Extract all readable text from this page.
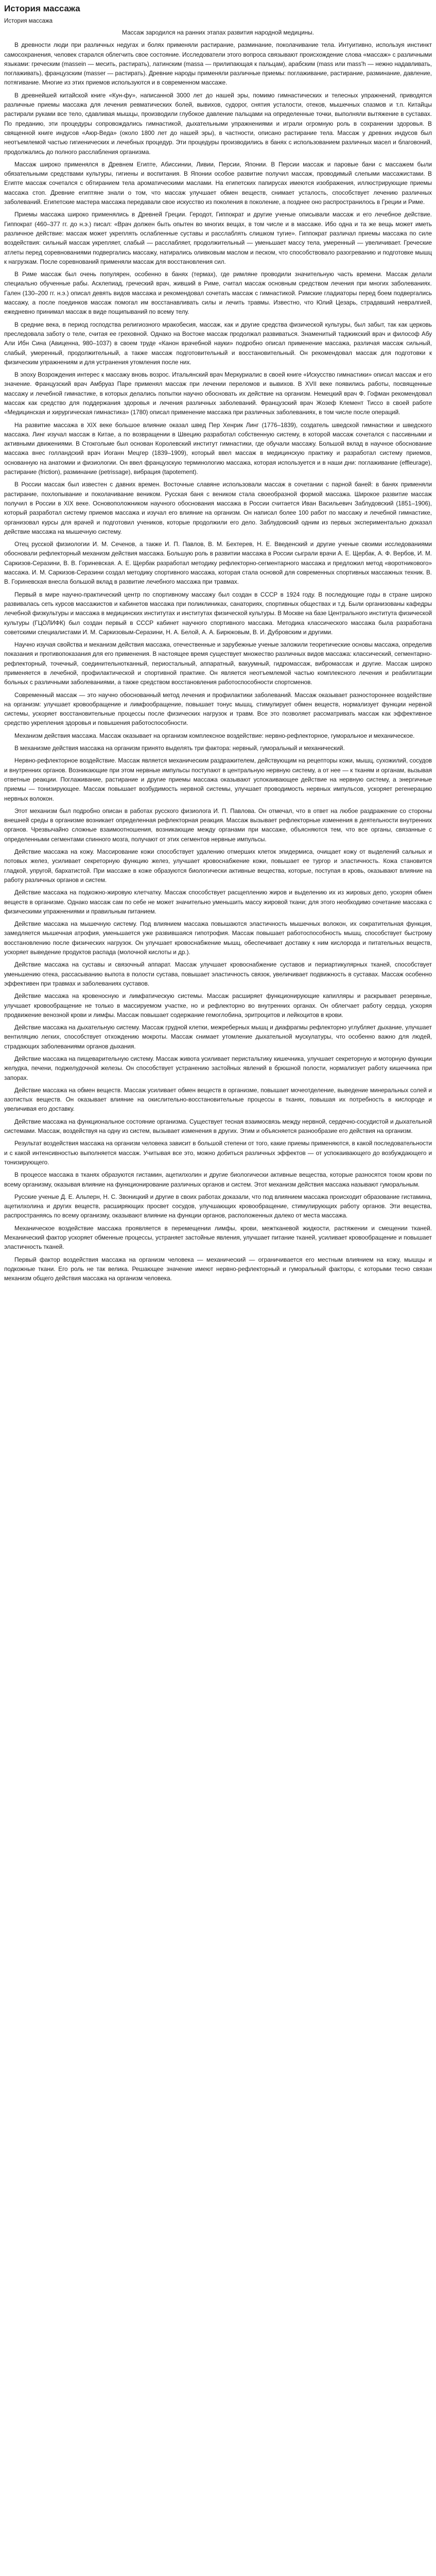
История массажа
История массажа

Массаж зародился на ранних этапах развития народной медицины.

В древности люди при различных недугах и болях применяли растирание, разминание, поколачивание тела. Интуитивно, используя инстинкт самосохранения, человек старался облегчить свое состояние. Исследователи этого вопроса связывают происхождение слова «массаж» с различными языками: греческим (massein — месить, растирать), латинским (massa — прилипающая к пальцам), арабским (mass или mass'h — нежно надавливать, поглаживать), французским (masser — растирать). Древние народы применяли различные приемы: поглаживание, растирание, разминание, давление, потягивание. Многие из этих приемов используются и в современном массаже.

В древнейшей китайской книге «Кун-фу», написанной 3000 лет до нашей эры, помимо гимнастических и телесных упражнений, приводятся различные приемы массажа для лечения ревматических болей, вывихов, судорог, снятия усталости, отеков, мышечных спазмов и т.п. Китайцы растирали руками все тело, сдавливая мышцы, производили глубокое давление пальцами на определенные точки, выполняли вытяжение в суставах. По преданию, эти процедуры сопровождались гимнастикой, дыхательными упражнениями и играли огромную роль в сохранении здоровья. В священной книге индусов «Аюр-Веда» (около 1800 лет до нашей эры), в частности, описано растирание тела. Массаж у древних индусов был неотъемлемой частью гигиенических и лечебных процедур. Эти процедуры производились в банях с использованием различных масел и благовоний, продолжались до полного расслабления организма.

Массаж широко применялся в Древнем Египте, Абиссинии, Ливии, Персии, Японии. В Персии массаж и паровые бани с массажем были обязательными средствами культуры, гигиены и воспитания. В Японии особое развитие получил массаж, проводимый слепыми массажистами. В Египте массаж сочетался с обтиранием тела ароматическими маслами. На египетских папирусах имеются изображения, иллюстрирующие приемы массажа стоп. Древние египтяне знали о том, что массаж улучшает обмен веществ, снимает усталость, способствует лечению различных заболеваний. Египетские мастера массажа передавали свое искусство из поколения в поколение, а позднее оно распространилось в Греции и Риме.

Приемы массажа широко применялись в Древней Греции. Геродот, Гиппократ и другие ученые описывали массаж и его лечебное действие. Гиппократ (460–377 гг. до н.э.) писал: «Врач должен быть опытен во многих вещах, в том числе и в массаже. Ибо одна и та же вещь может иметь различное действие: массаж может укреплять ослабленные суставы и расслаблять слишком тугие». Гиппократ различал приемы массажа по силе воздействия: сильный массаж укрепляет, слабый — расслабляет, продолжительный — уменьшает массу тела, умеренный — увеличивает. Греческие атлеты перед соревнованиями подвергались массажу, натирались оливковым маслом и песком, что способствовало разогреванию и подготовке мышц к нагрузкам. После соревнований применяли массаж для восстановления сил.

В Риме массаж был очень популярен, особенно в банях (термах), где римляне проводили значительную часть времени. Массаж делали специально обученные рабы. Асклепиад, греческий врач, живший в Риме, считал массаж основным средством лечения при многих заболеваниях. Гален (130–200 гг. н.э.) описал девять видов массажа и рекомендовал сочетать массаж с гимнастикой. Римские гладиаторы перед боем подвергались массажу, а после поединков массаж помогал им восстанавливать силы и лечить травмы. Известно, что Юлий Цезарь, страдавший невралгией, ежедневно принимал массаж в виде пощипываний по всему телу.

В средние века, в период господства религиозного мракобесия, массаж, как и другие средства физической культуры, был забыт, так как церковь преследовала заботу о теле, считая ее греховной. Однако на Востоке массаж продолжал развиваться. Знаменитый таджикский врач и философ Абу Али Ибн Сина (Авиценна, 980–1037) в своем труде «Канон врачебной науки» подробно описал применение массажа, различая массаж сильный, слабый, умеренный, продолжительный, а также массаж подготовительный и восстановительный. Он рекомендовал массаж для подготовки к физическим упражнениям и для устранения утомления после них.

В эпоху Возрождения интерес к массажу вновь возрос. Итальянский врач Меркуриалис в своей книге «Искусство гимнастики» описал массаж и его значение. Французский врач Амбруаз Паре применял массаж при лечении переломов и вывихов. В XVII веке появились работы, посвященные массажу и лечебной гимнастике, в которых делались попытки научно обосновать их действие на организм. Немецкий врач Ф. Гофман рекомендовал массаж как средство для поддержания здоровья и лечения различных заболеваний. Французский врач Жозеф Клемент Тиссо в своей работе «Медицинская и хирургическая гимнастика» (1780) описал применение массажа при различных заболеваниях, в том числе после операций.

На развитие массажа в XIX веке большое влияние оказал швед Пер Хенрик Линг (1776–1839), создатель шведской гимнастики и шведского массажа. Линг изучал массаж в Китае, а по возвращении в Швецию разработал собственную систему, в которой массаж сочетался с пассивными и активными движениями. В Стокгольме был основан Королевский институт гимнастики, где обучали массажу. Большой вклад в научное обоснование массажа внес голландский врач Иоганн Мецгер (1839–1909), который ввел массаж в медицинскую практику и разработал систему приемов, основанную на анатомии и физиологии. Он ввел французскую терминологию массажа, которая используется и в наши дни: поглаживание (effleurage), растирание (friction), разминание (petrissage), вибрация (tapotement).

В России массаж был известен с давних времен. Восточные славяне использовали массаж в сочетании с парной баней: в банях применяли растирание, похлопывание и поколачивание веником. Русская баня с веником стала своеобразной формой массажа. Широкое развитие массаж получил в России в XIX веке. Основоположником научного обоснования массажа в России считается Иван Васильевич Заблудовский (1851–1906), который разработал систему приемов массажа и изучал его влияние на организм. Он написал более 100 работ по массажу и лечебной гимнастике, организовал курсы для врачей и подготовил учеников, которые продолжили его дело. Заблудовский одним из первых экспериментально доказал действие массажа на мышечную систему.

Отец русской физиологии И. М. Сеченов, а также И. П. Павлов, В. М. Бехтерев, Н. Е. Введенский и другие ученые своими исследованиями обосновали рефлекторный механизм действия массажа. Большую роль в развитии массажа в России сыграли врачи А. Е. Щербак, А. Ф. Вербов, И. М. Саркизов-Серазини, В. В. Гориневская. А. Е. Щербак разработал методику рефлекторно-сегментарного массажа и предложил метод «воротникового» массажа. И. М. Саркизов-Серазини создал методику спортивного массажа, которая стала основой для современных спортивных массажных техник. В. В. Гориневская внесла большой вклад в развитие лечебного массажа при травмах.

Первый в мире научно-практический центр по спортивному массажу был создан в СССР в 1924 году. В последующие годы в стране широко развивалась сеть курсов массажистов и кабинетов массажа при поликлиниках, санаториях, спортивных обществах и т.д. Были организованы кафедры лечебной физкультуры и массажа в медицинских институтах и институтах физической культуры. В Москве на базе Центрального института физической культуры (ГЦОЛИФК) был создан первый в СССР кабинет научного спортивного массажа. Методика классического массажа была разработана советскими специалистами И. М. Саркизовым-Серазини, Н. А. Белой, А. А. Бирюковым, В. И. Дубровским и другими.

Научно изучая свойства и механизм действия массажа, отечественные и зарубежные ученые заложили теоретические основы массажа, определив показания и противопоказания для его применения. В настоящее время существует множество различных видов массажа: классический, сегментарно-рефлекторный, точечный, соединительнотканный, периостальный, аппаратный, вакуумный, гидромассаж, вибромассаж и другие. Массаж широко применяется в лечебной, профилактической и спортивной практике. Он является неотъемлемой частью комплексного лечения и реабилитации больных с различными заболеваниями, а также средством восстановления работоспособности спортсменов.

Современный массаж — это научно обоснованный метод лечения и профилактики заболеваний. Массаж оказывает разностороннее воздействие на организм: улучшает кровообращение и лимфообращение, повышает тонус мышц, стимулирует обмен веществ, нормализует функции нервной системы, ускоряет восстановительные процессы после физических нагрузок и травм. Все это позволяет рассматривать массаж как эффективное средство укрепления здоровья и повышения работоспособности.

Механизм действия массажа. Массаж оказывает на организм комплексное воздействие: нервно-рефлекторное, гуморальное и механическое.

В механизме действия массажа на организм принято выделять три фактора: нервный, гуморальный и механический.

Нервно-рефлекторное воздействие. Массаж является механическим раздражителем, действующим на рецепторы кожи, мышц, сухожилий, сосудов и внутренних органов. Возникающие при этом нервные импульсы поступают в центральную нервную систему, а от нее — к тканям и органам, вызывая ответные реакции. Поглаживание, растирание и другие приемы массажа оказывают успокаивающее действие на нервную систему, а энергичные приемы — тонизирующее. Массаж повышает возбудимость нервной системы, улучшает проводимость нервных импульсов, ускоряет регенерацию нервных волокон.

Этот механизм был подробно описан в работах русского физиолога И. П. Павлова. Он отмечал, что в ответ на любое раздражение со стороны внешней среды в организме возникает определенная рефлекторная реакция. Массаж вызывает рефлекторные изменения в деятельности внутренних органов. Чрезвычайно сложные взаимоотношения, возникающие между органами при массаже, объясняются тем, что все органы, связанные с определенными сегментами спинного мозга, получают от этих сегментов нервные импульсы.

Действие массажа на кожу. Массирование кожи способствует удалению отмерших клеток эпидермиса, очищает кожу от выделений сальных и потовых желез, усиливает секреторную функцию желез, улучшает кровоснабжение кожи, повышает ее тургор и эластичность. Кожа становится гладкой, упругой, бархатистой. При массаже в коже образуются биологически активные вещества, которые, поступая в кровь, оказывают влияние на работу различных органов и систем.

Действие массажа на подкожно-жировую клетчатку. Массаж способствует расщеплению жиров и выделению их из жировых депо, ускоряя обмен веществ в организме. Однако массаж сам по себе не может значительно уменьшить массу жировой ткани; для этого необходимо сочетание массажа с физическими упражнениями и правильным питанием.

Действие массажа на мышечную систему. Под влиянием массажа повышаются эластичность мышечных волокон, их сократительная функция, замедляется мышечная атрофия, уменьшается уже развившаяся гипотрофия. Массаж повышает работоспособность мышц, способствует быстрому восстановлению после физических нагрузок. Он улучшает кровоснабжение мышц, обеспечивает доставку к ним кислорода и питательных веществ, ускоряет выведение продуктов распада (молочной кислоты и др.).

Действие массажа на суставы и связочный аппарат. Массаж улучшает кровоснабжение суставов и периартикулярных тканей, способствует уменьшению отека, рассасыванию выпота в полости сустава, повышает эластичность связок, увеличивает подвижность в суставах. Массаж особенно эффективен при травмах и заболеваниях суставов.

Действие массажа на кровеносную и лимфатическую системы. Массаж расширяет функционирующие капилляры и раскрывает резервные, улучшает кровообращение не только в массируемом участке, но и рефлекторно во внутренних органах. Он облегчает работу сердца, ускоряя продвижение венозной крови и лимфы. Массаж повышает содержание гемоглобина, эритроцитов и лейкоцитов в крови.

Действие массажа на дыхательную систему. Массаж грудной клетки, межреберных мышц и диафрагмы рефлекторно углубляет дыхание, улучшает вентиляцию легких, способствует отхождению мокроты. Массаж снимает утомление дыхательной мускулатуры, что особенно важно для людей, страдающих заболеваниями органов дыхания.

Действие массажа на пищеварительную систему. Массаж живота усиливает перистальтику кишечника, улучшает секреторную и моторную функции желудка, печени, поджелудочной железы. Он способствует устранению застойных явлений в брюшной полости, нормализует работу кишечника при запорах.

Действие массажа на обмен веществ. Массаж усиливает обмен веществ в организме, повышает мочеотделение, выведение минеральных солей и азотистых веществ. Он оказывает влияние на окислительно-восстановительные процессы в тканях, повышая их потребность в кислороде и увеличивая его доставку.

Действие массажа на функциональное состояние организма. Существует тесная взаимосвязь между нервной, сердечно-сосудистой и дыхательной системами. Массаж, воздействуя на одну из систем, вызывает изменения в других. Этим и объясняется разнообразие его действия на организм.

Результат воздействия массажа на организм человека зависит в большой степени от того, какие приемы применяются, в какой последовательности и с какой интенсивностью выполняется массаж. Учитывая все это, можно добиться различных эффектов — от успокаивающего до возбуждающего и тонизирующего.

В процессе массажа в тканях образуются гистамин, ацетилхолин и другие биологически активные вещества, которые разносятся током крови по всему организму, оказывая влияние на функционирование различных органов и систем. Этот механизм действия массажа называют гуморальным.

Русские ученые Д. Е. Альперн, Н. С. Звоницкий и другие в своих работах доказали, что под влиянием массажа происходит образование гистамина, ацетилхолина и других веществ, расширяющих просвет сосудов, улучшающих кровообращение, стимулирующих работу органов. Эти вещества, распространяясь по всему организму, оказывают влияние на функции органов, расположенных далеко от места массажа.

Механическое воздействие массажа проявляется в перемещении лимфы, крови, межтканевой жидкости, растяжении и смещении тканей. Механический фактор ускоряет обменные процессы, устраняет застойные явления, улучшает питание тканей, усиливает кровообращение и повышает эластичность тканей.

Первый фактор воздействия массажа на организм человека — механический — ограничивается его местным влиянием на кожу, мышцы и подкожные ткани. Его роль не так велика. Решающее значение имеют нервно-рефлекторный и гуморальный факторы, с которыми тесно связан механизм общего действия массажа на организм человека.
